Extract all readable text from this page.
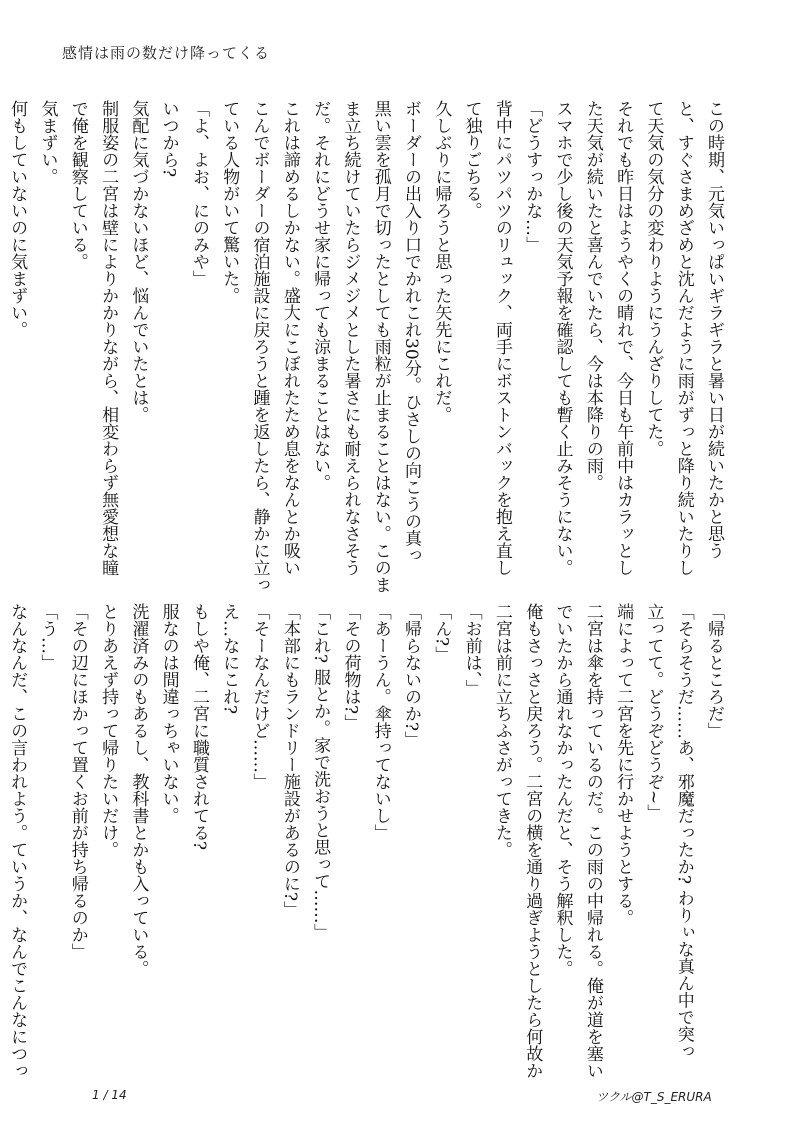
感情は雨の数だけ降ってくる
この時期、元気いっぱいギラギラと暑い日が続いたかと思う
と、すぐさまめざめと沈んだように雨がずっと降り続いたりし
て天気の気分の変わりようにうんざりしてた。
それでも昨日はようやくの晴れで、今日も午前中はカラッとし
た天気が続いたと喜んでいたら、今は本降りの雨。
スマホで少し後の天気予報を確認しても暫く止みそうにない。
「どうすっかな…」
背中にパツパツのリュック、両手にボストンバックを抱え直し
て独りごちる。
久しぶりに帰ろうと思った矢先にこれだ。
ボーダーの出入り口でかれこれ30分。ひさしの向こうの真っ
黒い雲を孤月で切ったとしても雨粒が止まることはない。このま
ま立ち続けていたらジメジメとした暑さにも耐えられなさそう
だ。それにどうせ家に帰っても涼まることはない。
これは諦めるしかない。盛大にこぼれたため息をなんとか吸い
こんでボーダーの宿泊施設に戻ろうと踵を返したら、静かに立っ
ている人物がいて驚いた。
「よ、よお、にのみや」
いつから?
気配に気づかないほど、悩んでいたとは。
制服姿の二宮は壁によりかかりながら、相変わらず無愛想な瞳
で俺を観察している。
気まずい。
何もしていないのに気まずい。
「帰るところだ」
「そらそうだ……あ、邪魔だったか? わりぃな真ん中で突っ
立ってて。どうぞどうぞ~」
端によって二宮を先に行かせようとする。
二宮は傘を持っているのだ。この雨の中帰れる。俺が道を塞い
でいたから通れなかったんだと、そう解釈した。
俺もさっさと戻ろう。二宮の横を通り過ぎようとしたら何故か
二宮は前に立ちふさがってきた。
「お前は、」
「ん?」
「帰らないのか?」
「あーうん。傘持ってないし」
「その荷物は?」
「これ? 服とか。家で洗おうと思って……」
「本部にもランドリー施設があるのに?」
「そーなんだけど……」
え…なにこれ?
もしや俺、二宮に職質されてる?
服なのは間違っちゃいない。
洗濯済みのもあるし、教科書とかも入っている。
とりあえず持って帰りたいだけ。
「その辺にほかって置くお前が持ち帰るのか」
「う…」
なんなんだ、この言われよう。ていうか、なんでこんなにつっ
1 / 14	ツクル@T_S_ERURA
